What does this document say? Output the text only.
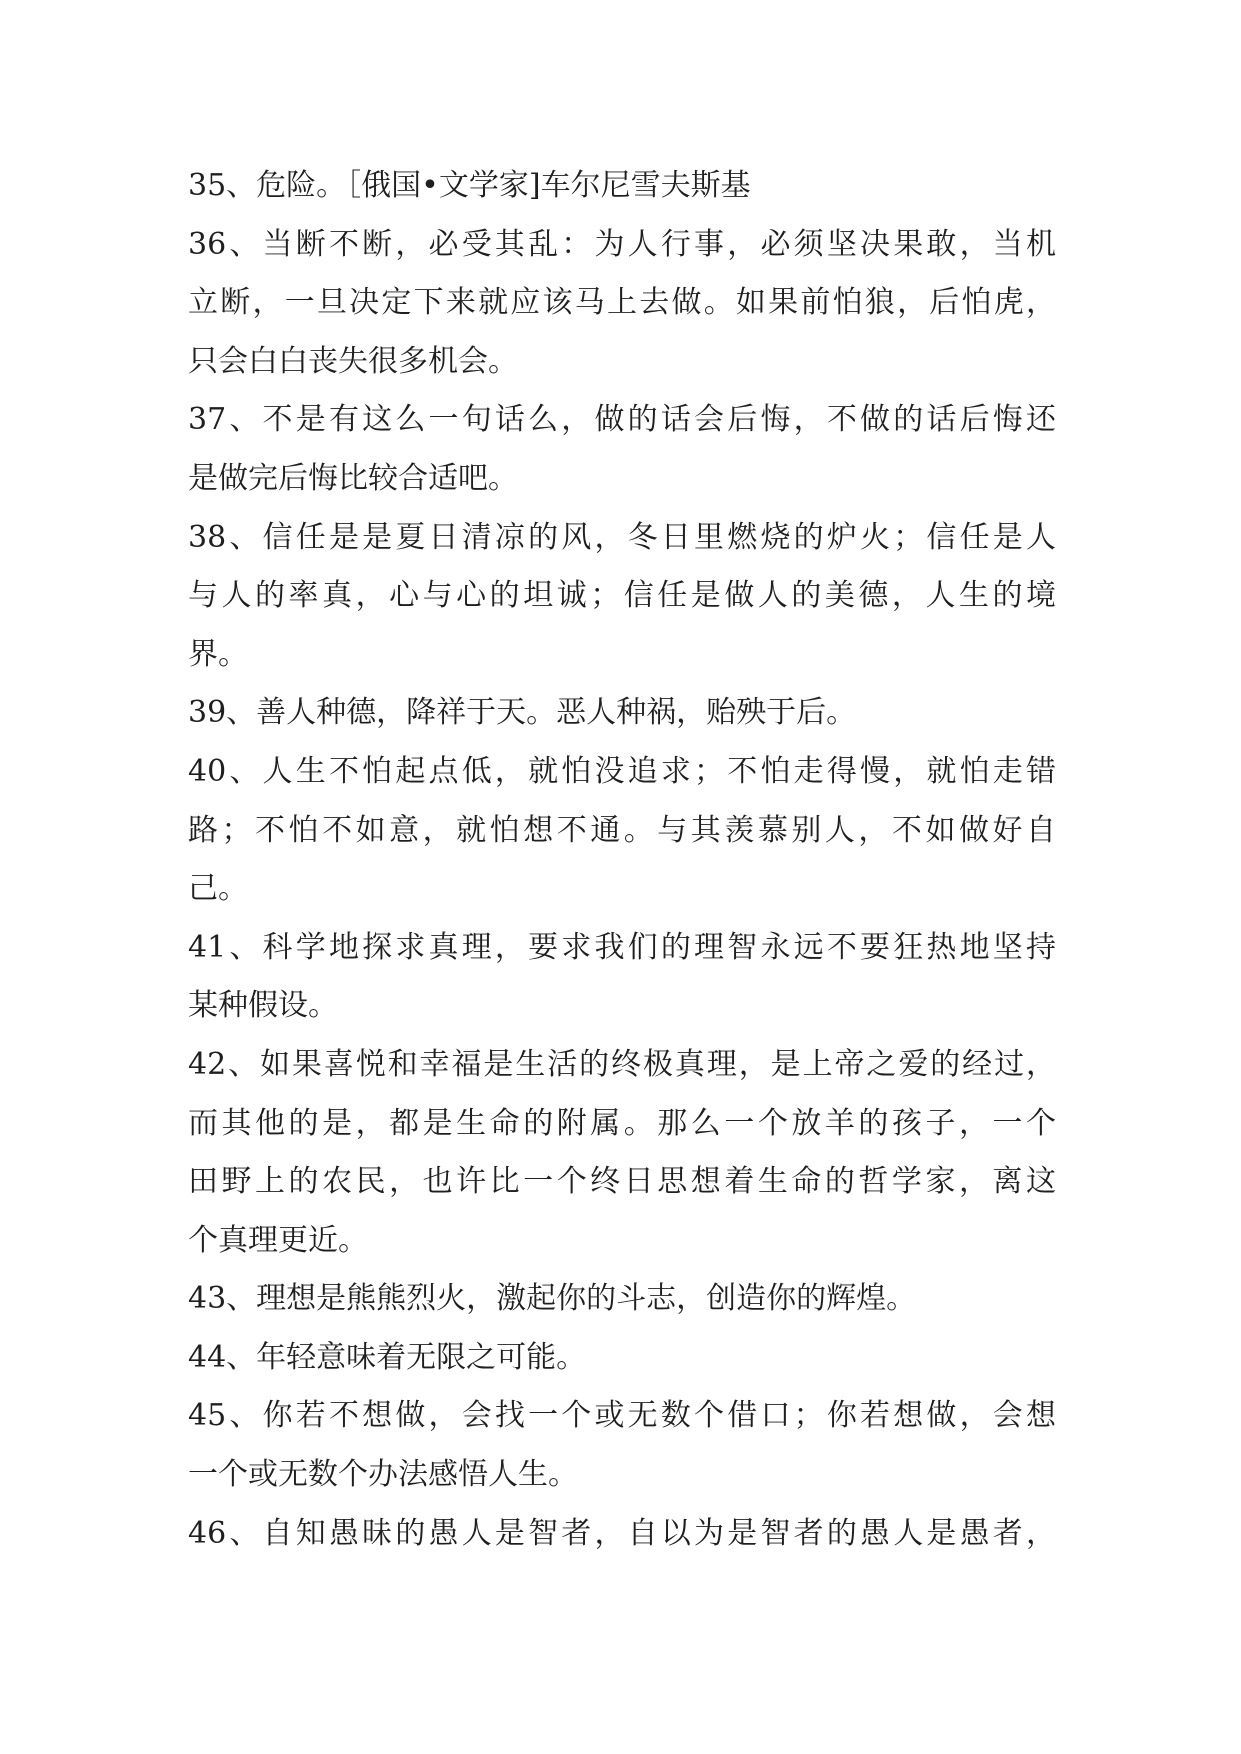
35、危险。［俄国•文学家]车尔尼雪夫斯基
36、当断不断，必受其乱：为人行事，必须坚决果敢，当机
立断，一旦决定下来就应该马上去做。如果前怕狼，后怕虎，
只会白白丧失很多机会。
37、不是有这么一句话么，做的话会后悔，不做的话后悔还
是做完后悔比较合适吧。
38、信任是是夏日清凉的风，冬日里燃烧的炉火；信任是人
与人的率真，心与心的坦诚；信任是做人的美德，人生的境
界。
39、善人种德，降祥于天。恶人种祸，贻殃于后。
40、人生不怕起点低，就怕没追求；不怕走得慢，就怕走错
路；不怕不如意，就怕想不通。与其羡慕别人，不如做好自
己。
41、科学地探求真理，要求我们的理智永远不要狂热地坚持
某种假设。
42、如果喜悦和幸福是生活的终极真理，是上帝之爱的经过，
而其他的是，都是生命的附属。那么一个放羊的孩子，一个
田野上的农民，也许比一个终日思想着生命的哲学家，离这
个真理更近。
43、理想是熊熊烈火，激起你的斗志，创造你的辉煌。
44、年轻意味着无限之可能。
45、你若不想做，会找一个或无数个借口；你若想做，会想
一个或无数个办法感悟人生。
46、自知愚昧的愚人是智者，自以为是智者的愚人是愚者，
